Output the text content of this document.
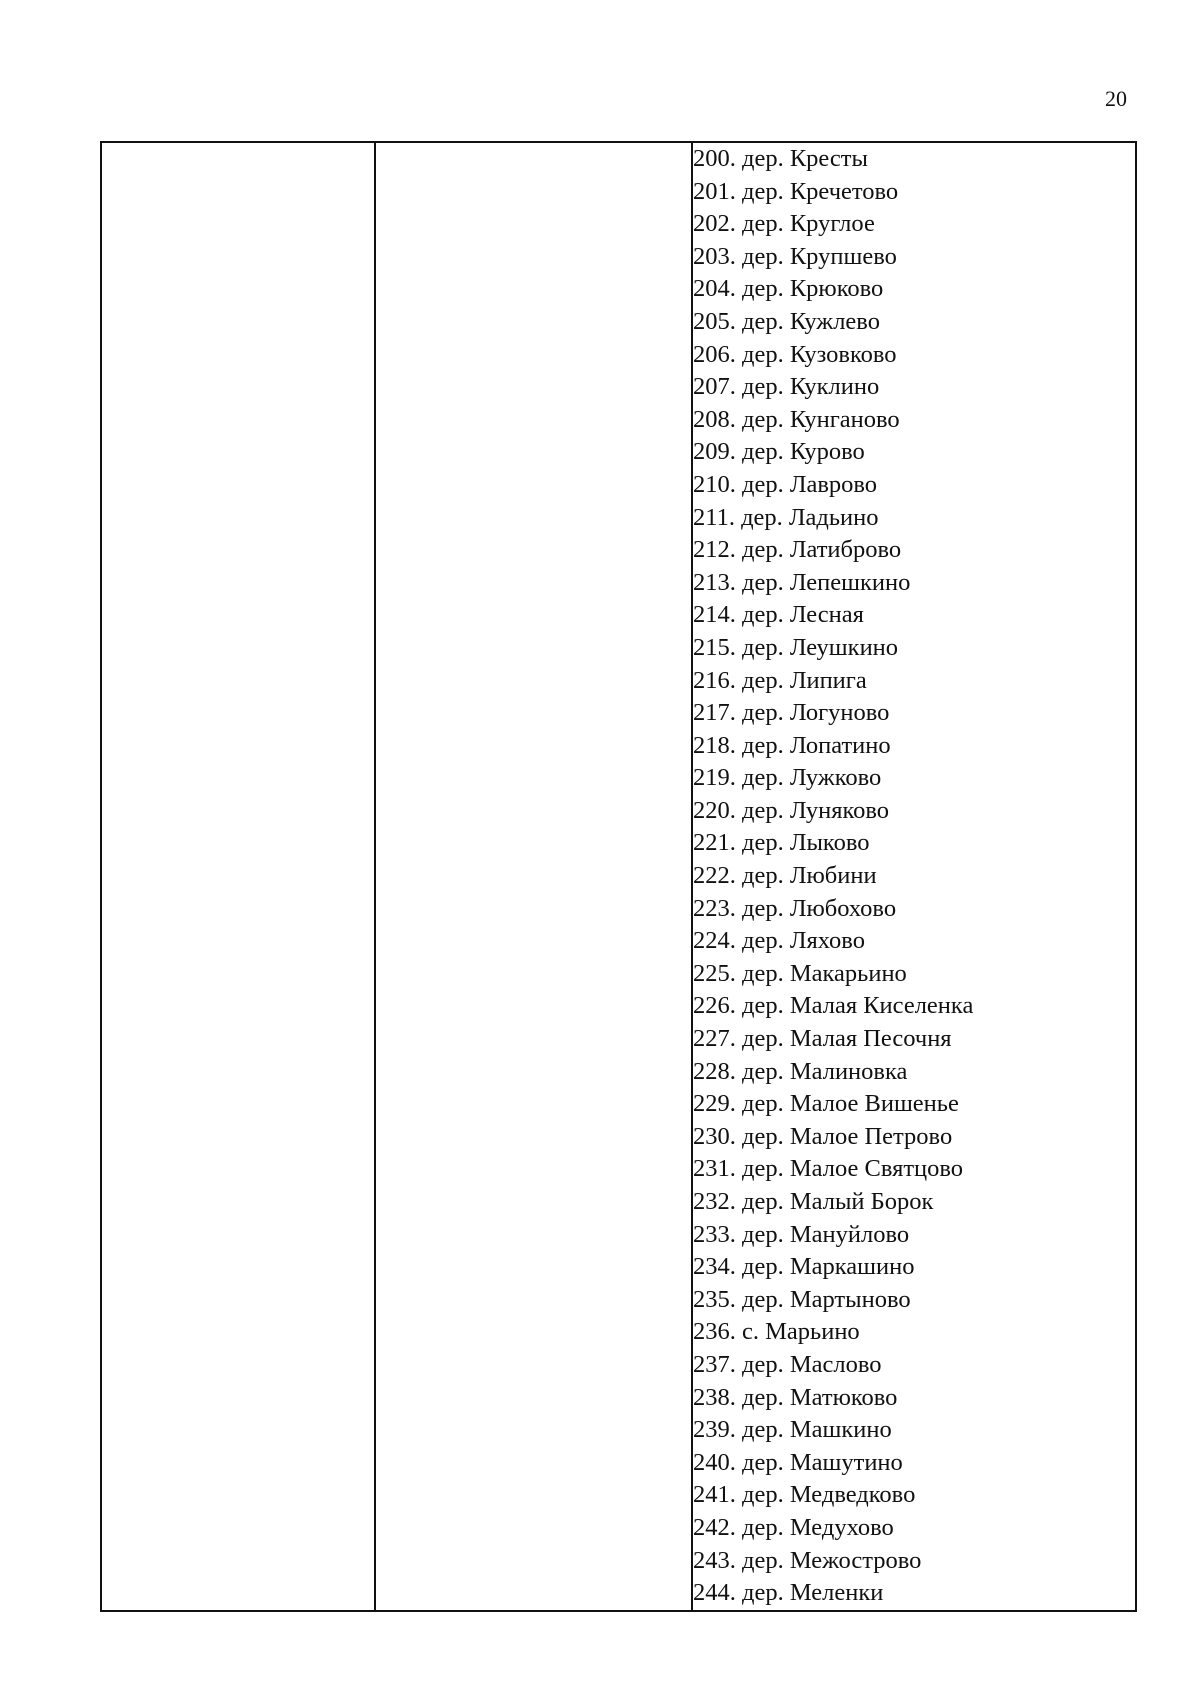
20

200. дер. Кресты
201. дер. Кречетово
202. дер. Круглое
203. дер. Крупшево
204. дер. Крюково
205. дер. Кужлево
206. дер. Кузовково
207. дер. Куклино
208. дер. Кунганово
209. дер. Курово
210. дер. Лаврово
211. дер. Ладьино
212. дер. Латиброво
213. дер. Лепешкино
214. дер. Лесная
215. дер. Леушкино
216. дер. Липига
217. дер. Логуново
218. дер. Лопатино
219. дер. Лужково
220. дер. Луняково
221. дер. Лыково
222. дер. Любини
223. дер. Любохово
224. дер. Ляхово
225. дер. Макарьино
226. дер. Малая Киселенка
227. дер. Малая Песочня
228. дер. Малиновка
229. дер. Малое Вишенье
230. дер. Малое Петрово
231. дер. Малое Святцово
232. дер. Малый Борок
233. дер. Мануйлово
234. дер. Маркашино
235. дер. Мартыново
236. с. Марьино
237. дер. Маслово
238. дер. Матюково
239. дер. Машкино
240. дер. Машутино
241. дер. Медведково
242. дер. Медухово
243. дер. Межострово
244. дер. Меленки
